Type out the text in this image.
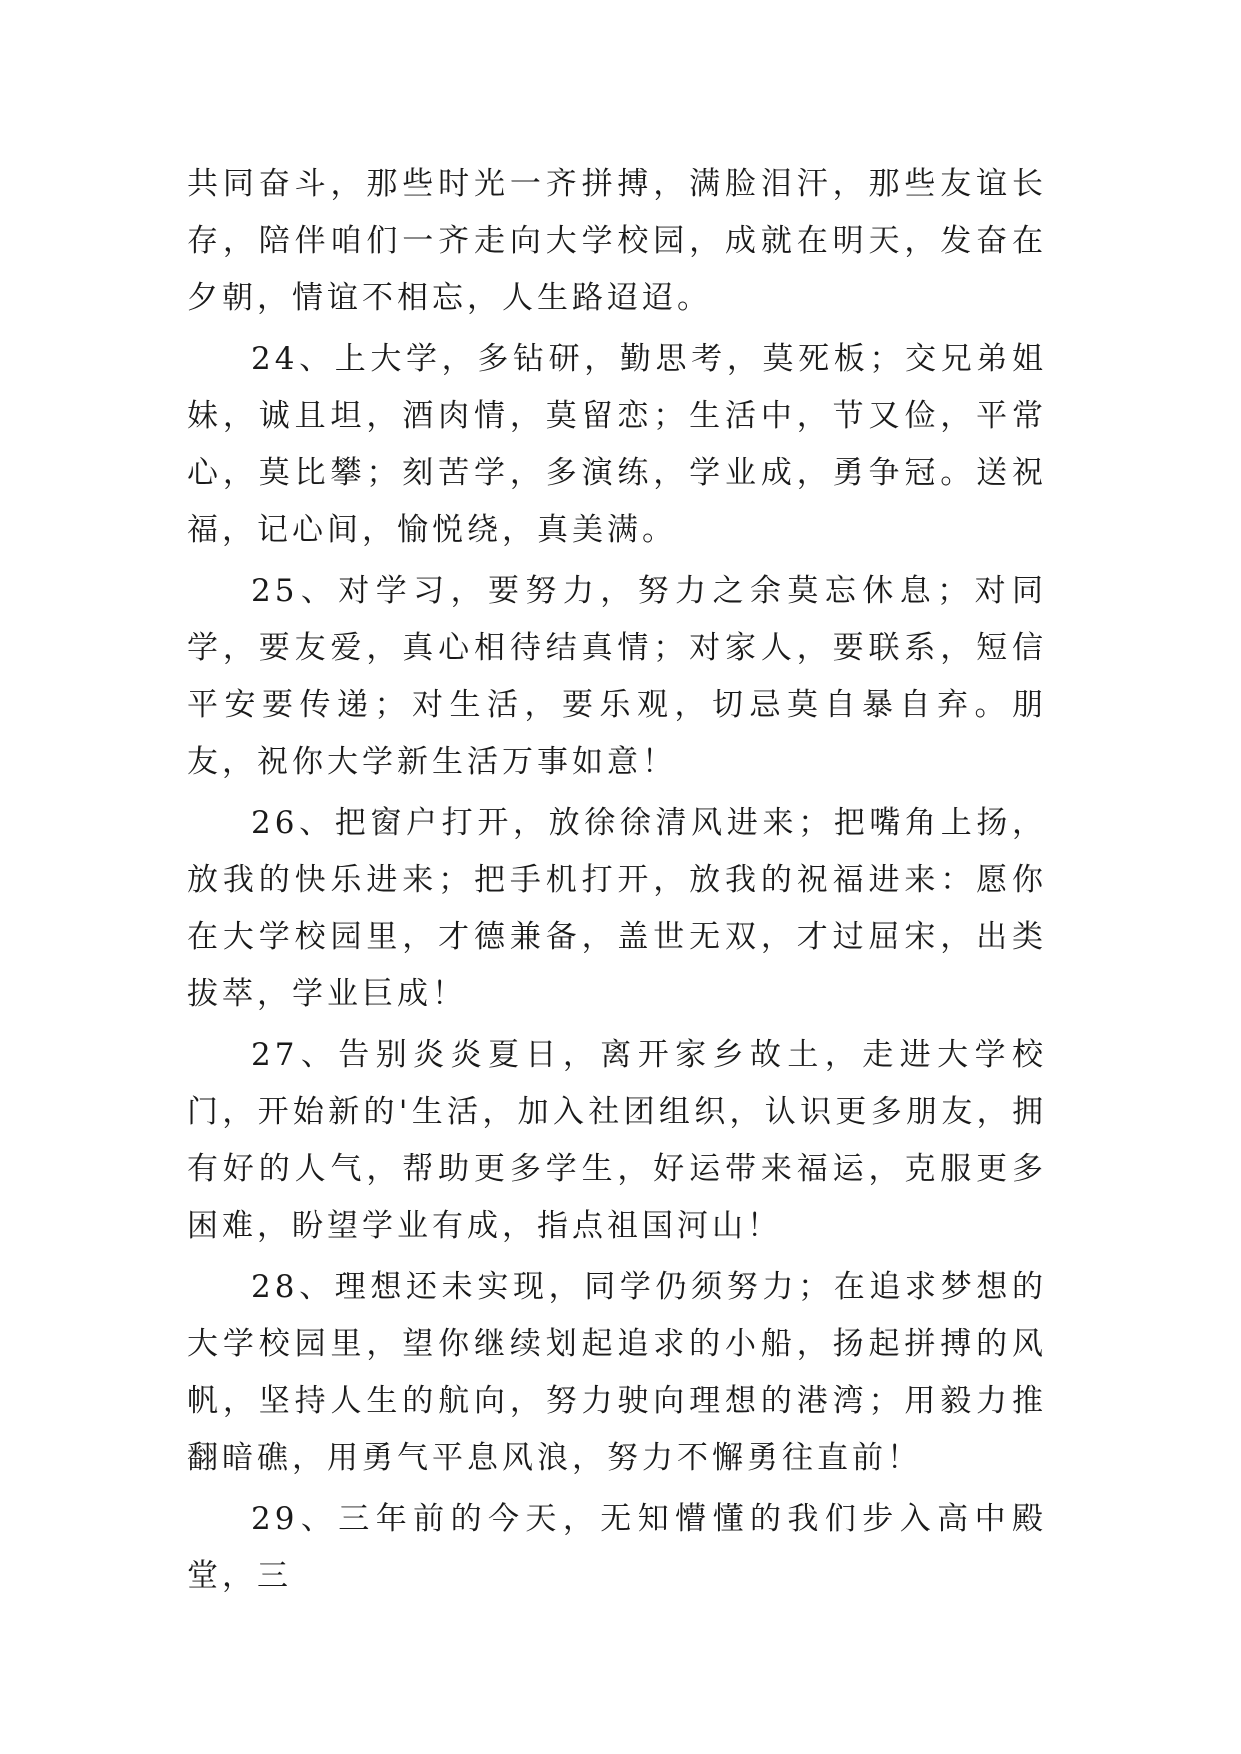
共同奋斗，那些时光一齐拼搏，满脸泪汗，那些友谊长存，陪伴咱们一齐走向大学校园，成就在明天，发奋在夕朝，情谊不相忘，人生路迢迢。

24、上大学，多钻研，勤思考，莫死板；交兄弟姐妹，诚且坦，酒肉情，莫留恋；生活中，节又俭，平常心，莫比攀；刻苦学，多演练，学业成，勇争冠。送祝福，记心间，愉悦绕，真美满。

25、对学习，要努力，努力之余莫忘休息；对同学，要友爱，真心相待结真情；对家人，要联系，短信平安要传递；对生活，要乐观，切忌莫自暴自弃。朋友，祝你大学新生活万事如意！

26、把窗户打开，放徐徐清风进来；把嘴角上扬，放我的快乐进来；把手机打开，放我的祝福进来：愿你在大学校园里，才德兼备，盖世无双，才过屈宋，出类拔萃，学业巨成！

27、告别炎炎夏日，离开家乡故土，走进大学校门，开始新的'生活，加入社团组织，认识更多朋友，拥有好的人气，帮助更多学生，好运带来福运，克服更多困难，盼望学业有成，指点祖国河山！

28、理想还未实现，同学仍须努力；在追求梦想的大学校园里，望你继续划起追求的小船，扬起拼搏的风帆，坚持人生的航向，努力驶向理想的港湾；用毅力推翻暗礁，用勇气平息风浪，努力不懈勇往直前！

29、三年前的今天，无知懵懂的我们步入高中殿堂，三
